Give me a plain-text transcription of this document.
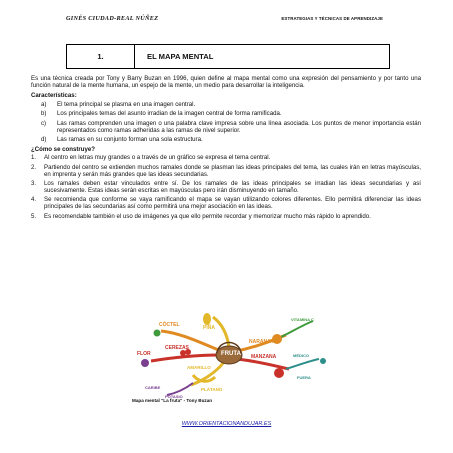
GINÉS CIUDAD-REAL NÚÑEZ	ESTRATEGIAS Y TÉCNICAS DE APRENDIZAJE
1.	EL MAPA MENTAL

Es una técnica creada por Tony y Barry Buzan en 1996, quien define al mapa mental como una expresión del pensamiento y por tanto una función natural de la mente humana, un espejo de la mente, un medio para desarrollar la inteligencia.

Características:
a)	El tema principal se plasma en una imagen central.
b)	Los principales temas del asunto irradian de la imagen central de forma ramificada.
c)	Las ramas comprenden una imagen o una palabra clave impresa sobre una línea asociada. Los puntos de menor importancia están representados como ramas adheridas a las ramas de nivel superior.
d)	Las ramas en su conjunto forman una sola estructura.
¿Cómo se construye?
1.	Al centro en letras muy grandes o a través de un gráfico se expresa el tema central.
2.	Partiendo del centro se extienden muchos ramales donde se plasman las ideas principales del tema, las cuales irán en letras mayúsculas, en imprenta y serán más grandes que las ideas secundarias.
3.	Los ramales deben estar vinculados entre sí. De los ramales de las ideas principales se irradian las ideas secundarias y así sucesivamente. Estas ideas serán escritas en mayúsculas pero irán disminuyendo en tamaño.
4.	Se recomienda que conforme se vaya ramificando el mapa se vayan utilizando colores diferentes. Ello permitirá diferenciar las ideas principales de las secundarias así como permitirá una mejor asociación en las ideas.
5.	Es recomendable también el uso de imágenes ya que ello permite recordar y memorizar mucho más rápido lo aprendido.
FRUTA
CÓCTEL	PIÑA
FLOR
CEREZAS
NARANJA
VITAMINA C
MANZANA	MÉDICO
FUERA
AMARILLO
PLÁTANO
CARIBE
POTASIO
Mapa mental "La fruta" - Tony Buzan
WWW.ORIENTACIONANDUJAR.ES
